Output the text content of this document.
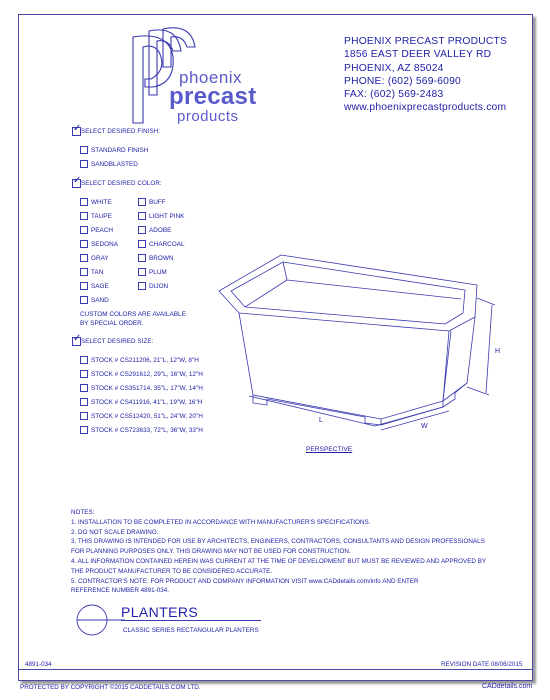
phoenix
precast
products
PHOENIX PRECAST PRODUCTS
1856 EAST DEER VALLEY RD
PHOENIX, AZ 85024
PHONE: (602) 569-6090
FAX: (602) 569-2483
www.phoenixprecastproducts.com
✓ SELECT DESIRED FINISH:
STANDARD FINISH
SANDBLASTED
✓ SELECT DESIRED COLOR:
WHITE
TAUPE
PEACH
SEDONA
GRAY
TAN
SAGE
SAND
BUFF
LIGHT PINK
ADOBE
CHARCOAL
BROWN
PLUM
DIJON
CUSTOM COLORS ARE AVAILABLE
BY SPECIAL ORDER.
✓ SELECT DESIRED SIZE:
STOCK # CS211206, 21"L, 12"W, 8"H
STOCK # CS291612, 29"L, 16"W, 12"H
STOCK # CS351714, 35"L, 17"W, 14"H
STOCK # CS411916, 41"L, 19"W, 16"H
STOCK # CS512420, 51"L, 24"W, 20"H
STOCK # CS723633, 72"L, 36"W, 33"H
H
L
W
PERSPECTIVE
NOTES:
1. INSTALLATION TO BE COMPLETED IN ACCORDANCE WITH MANUFACTURER'S SPECIFICATIONS.
2. DO NOT SCALE DRAWING.
3. THIS DRAWING IS INTENDED FOR USE BY ARCHITECTS, ENGINEERS, CONTRACTORS, CONSULTANTS AND DESIGN PROFESSIONALS
FOR PLANNING PURPOSES ONLY. THIS DRAWING MAY NOT BE USED FOR CONSTRUCTION.
4. ALL INFORMATION CONTAINED HEREIN WAS CURRENT AT THE TIME OF DEVELOPMENT BUT MUST BE REVIEWED AND APPROVED BY
THE PRODUCT MANUFACTURER TO BE CONSIDERED ACCURATE.
5. CONTRACTOR'S NOTE: FOR PRODUCT AND COMPANY INFORMATION VISIT www.CADdetails.com/info AND ENTER
REFERENCE NUMBER 4891-034.
PLANTERS
CLASSIC SERIES RECTANGULAR PLANTERS
4891-034	REVISION DATE 08/06/2015
PROTECTED BY COPYRIGHT ©2015 CADDETAILS.COM LTD.	CADdetails.com
